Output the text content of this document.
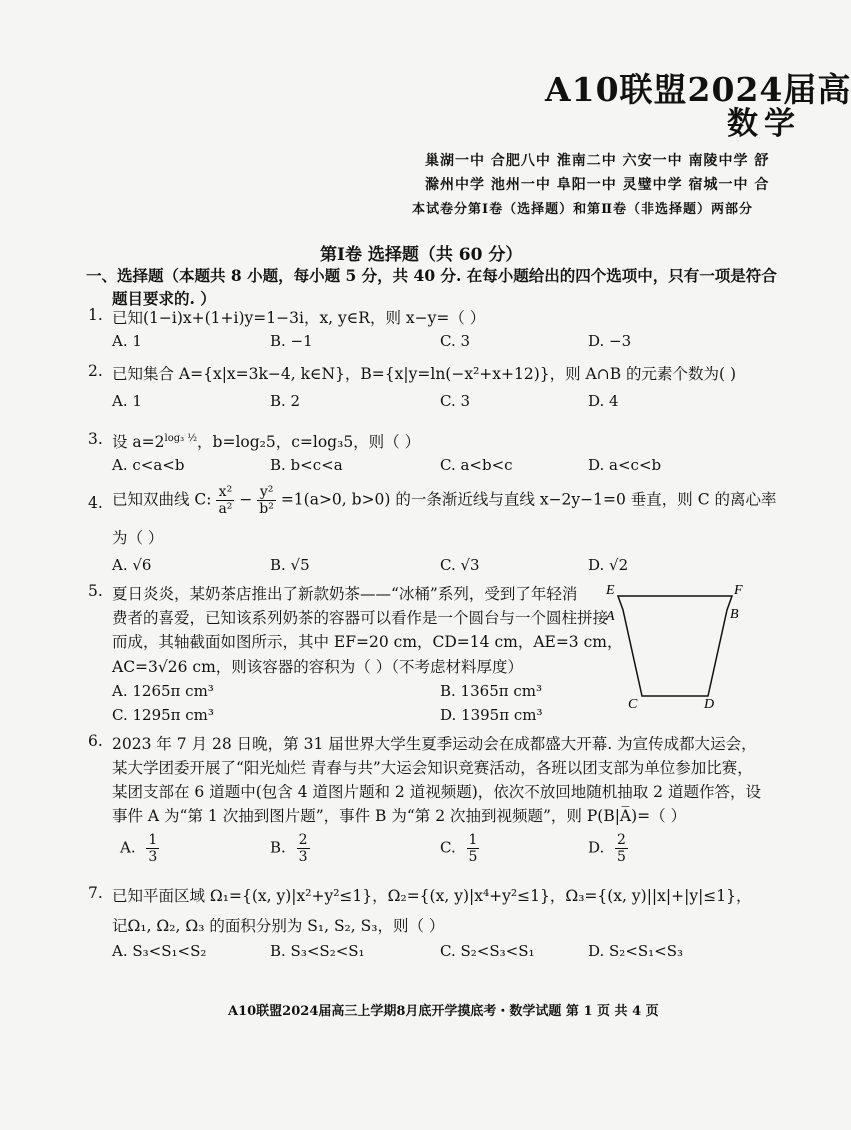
A10联盟2024届高
数学
巢湖一中 合肥八中 淮南二中 六安一中 南陵中学 舒
滁州中学 池州一中 阜阳一中 灵璧中学 宿城一中 合
本试卷分第Ⅰ卷（选择题）和第Ⅱ卷（非选择题）两部分
第Ⅰ卷 选择题（共 60 分）
一、选择题（本题共 8 小题，每小题 5 分，共 40 分. 在每小题给出的四个选项中，只有一项是符合
题目要求的. ）
1. 已知(1−i)x+(1+i)y=1−3i，x, y∈R，则 x−y=（ ）
A. 1	B. −1	C. 3	D. −3
2. 已知集合 A={x|x=3k−4, k∈N}，B={x|y=ln(−x²+x+12)}，则 A∩B 的元素个数为( )
A. 1	B. 2	C. 3	D. 4
3. 设 $a=2^{log_3 \frac{1}{2}}$，b=log₂5，c=log₃5，则（ ）
A. c<a<b	B. b<c<a	C. a<b<c	D. a<c<b
4. 已知双曲线 C: $\frac{\text{x²}}{\text{a²}} - \frac{\text{y²}}{\text{b²}} =1(a>0$, b>0) 的一条渐近线与直线 x−2y−1=0 垂直，则 C 的离心率
为（ ）
A. √6	B. √5	C. √3	D. √2
5. 夏日炎炎，某奶茶店推出了新款奶茶——“冰桶”系列，受到了年轻消
费者的喜爱，已知该系列奶茶的容器可以看作是一个圆台与一个圆柱拼接
而成，其轴截面如图所示，其中 EF=20 cm，CD=14 cm，AE=3 cm，
AC=3√26 cm，则该容器的容积为（ ）（不考虑材料厚度）
A. 1265π cm³	B. 1365π cm³
C. 1295π cm³	D. 1395π cm³
E	F
A	B
C	D
6. 2023 年 7 月 28 日晚，第 31 届世界大学生夏季运动会在成都盛大开幕. 为宣传成都大运会，
某大学团委开展了“阳光灿烂 青春与共”大运会知识竞赛活动，各班以团支部为单位参加比赛，
某团支部在 6 道题中(包含 4 道图片题和 2 道视频题)，依次不放回地随机抽取 2 道题作答，设
事件 A 为“第 1 次抽到图片题”，事件 B 为“第 2 次抽到视频题”，则 P(B|A̅)=（ ）
A. $\frac{1}{3}$	B. $\frac{2}{3}$	C. $\frac{1}{5}$	D. $\frac{2}{5}$
7. 已知平面区域 Ω₁={(x, y)|x²+y²≤1}，Ω₂={(x, y)|x⁴+y²≤1}，Ω₃={(x, y)||x|+|y|≤1}，
记Ω₁, Ω₂, Ω₃ 的面积分别为 S₁, S₂, S₃，则（ ）
A. S₃<S₁<S₂	B. S₃<S₂<S₁	C. S₂<S₃<S₁	D. S₂<S₁<S₃
A10联盟2024届高三上学期8月底开学摸底考・数学试题 第 1 页 共 4 页
